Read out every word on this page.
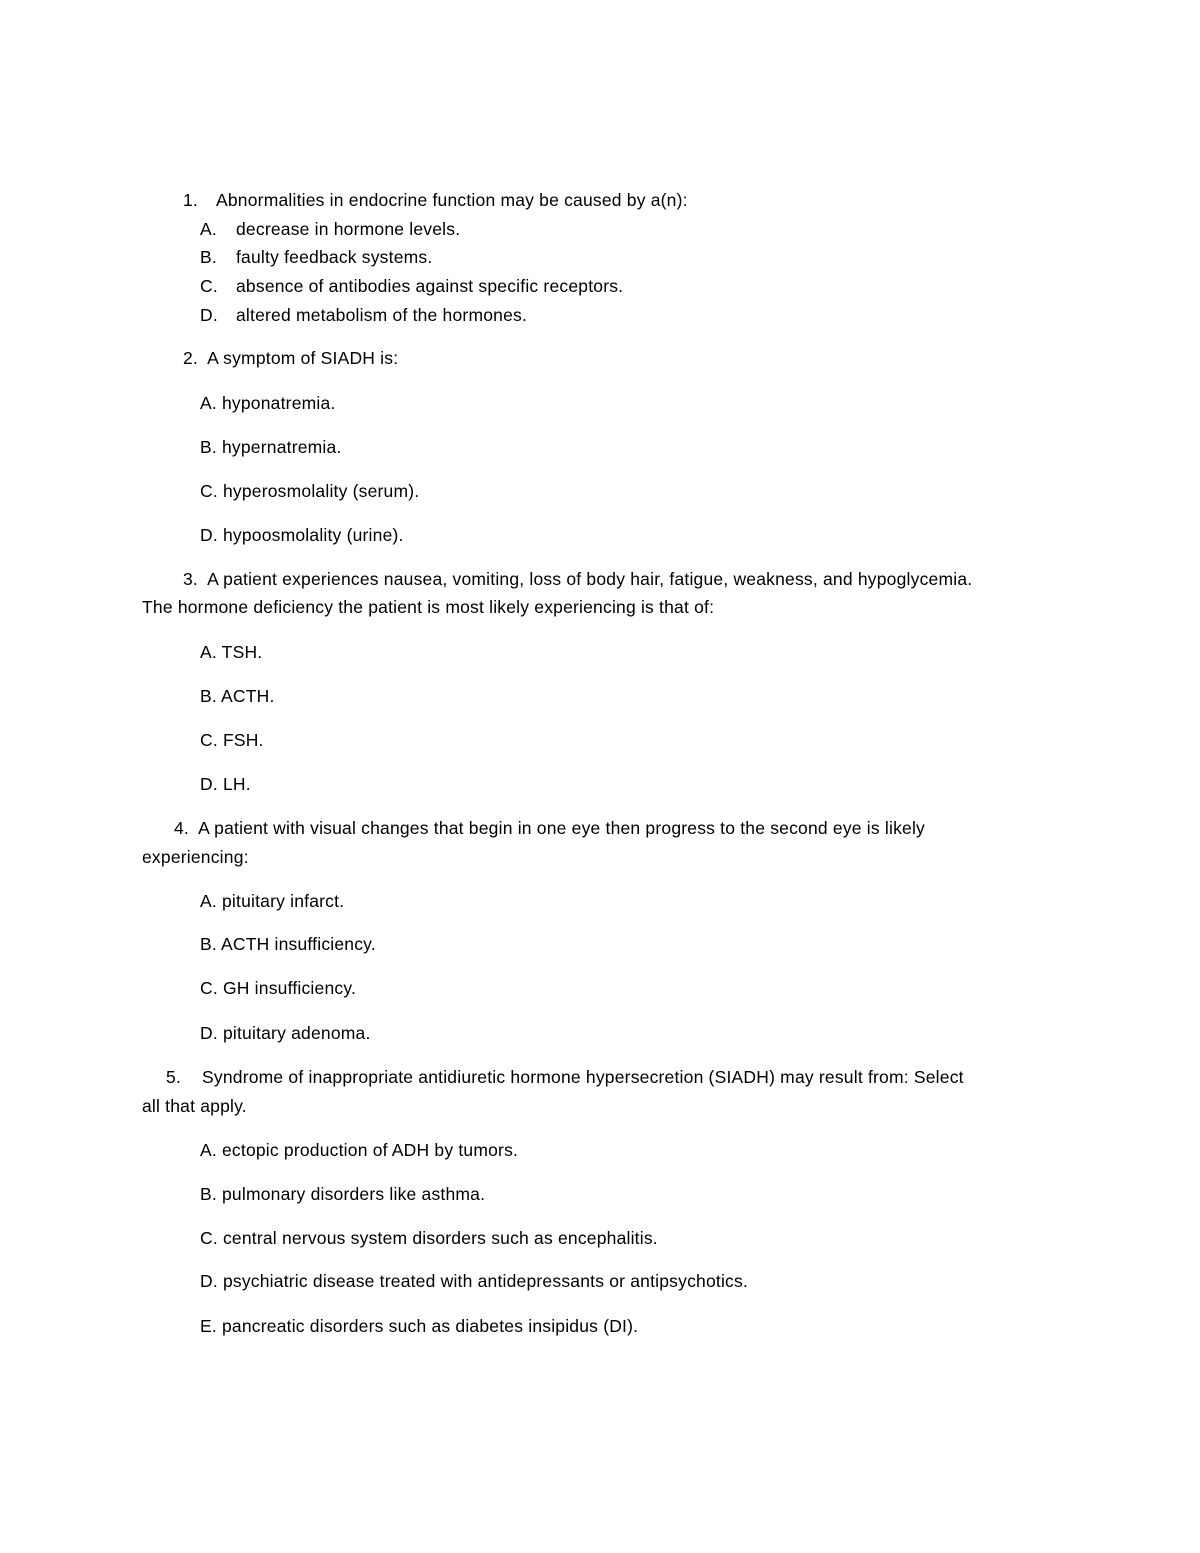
1. Abnormalities in endocrine function may be caused by a(n):
A. decrease in hormone levels.
B. faulty feedback systems.
C. absence of antibodies against specific receptors.
D. altered metabolism of the hormones.
2. A symptom of SIADH is:
A. hyponatremia.
B. hypernatremia.
C. hyperosmolality (serum).
D. hypoosmolality (urine).
3. A patient experiences nausea, vomiting, loss of body hair, fatigue, weakness, and hypoglycemia.
The hormone deficiency the patient is most likely experiencing is that of:
A. TSH.
B. ACTH.
C. FSH.
D. LH.
4. A patient with visual changes that begin in one eye then progress to the second eye is likely
experiencing:
A. pituitary infarct.
B. ACTH insufficiency.
C. GH insufficiency.
D. pituitary adenoma.
5. Syndrome of inappropriate antidiuretic hormone hypersecretion (SIADH) may result from: Select
all that apply.
A. ectopic production of ADH by tumors.
B. pulmonary disorders like asthma.
C. central nervous system disorders such as encephalitis.
D. psychiatric disease treated with antidepressants or antipsychotics.
E. pancreatic disorders such as diabetes insipidus (DI).
